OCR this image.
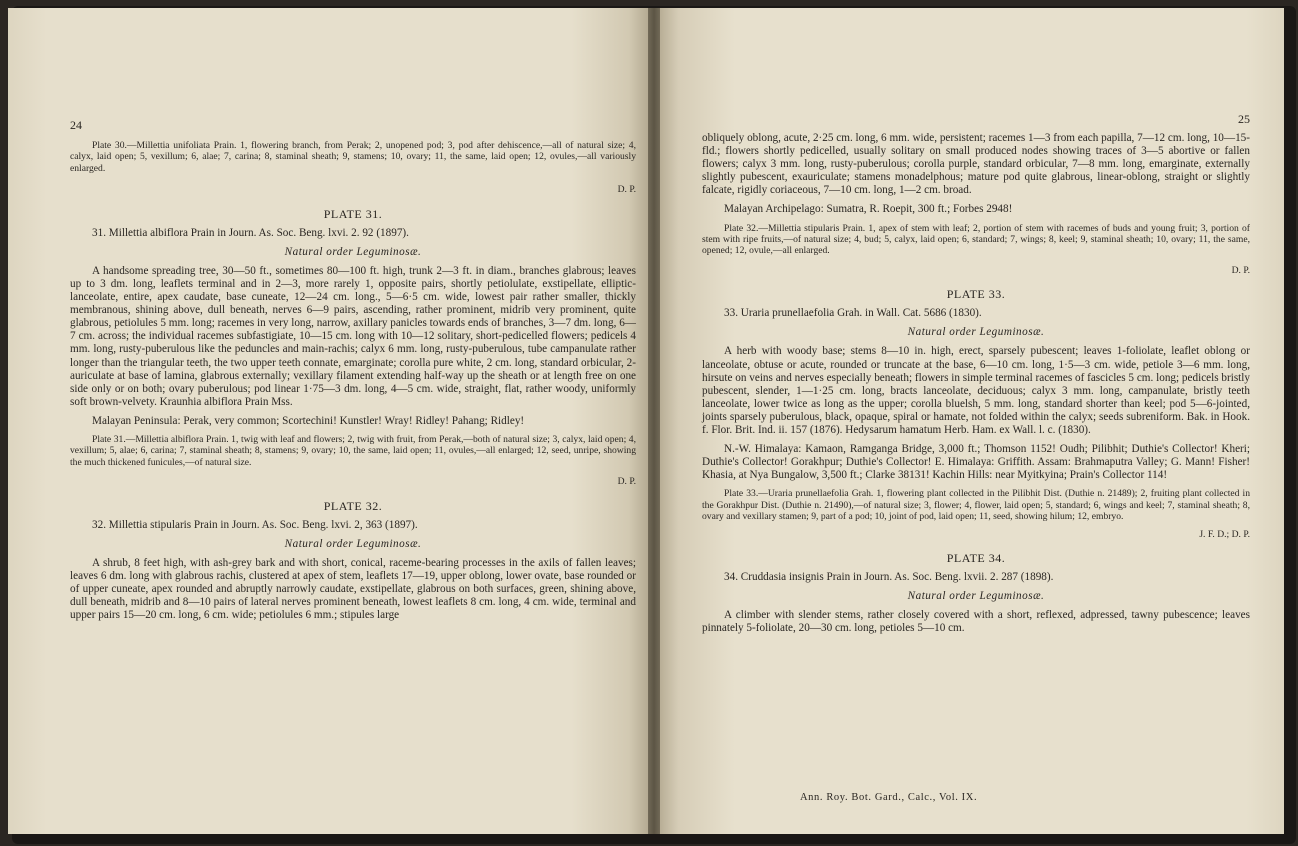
24

Plate 30.—Millettia unifoliata Prain. 1, flowering branch, from Perak; 2, unopened pod; 3, pod after dehiscence,—all of natural size; 4, calyx, laid open; 5, vexillum; 6, alae; 7, carina; 8, staminal sheath; 9, stamens; 10, ovary; 11, the same, laid open; 12, ovules,—all variously enlarged.

D. P.

PLATE 31.

31. Millettia albiflora Prain in Journ. As. Soc. Beng. lxvi. 2. 92 (1897).

Natural order Leguminosæ.

A handsome spreading tree, 30—50 ft., sometimes 80—100 ft. high, trunk 2—3 ft. in diam., branches glabrous; leaves up to 3 dm. long, leaflets terminal and in 2—3, more rarely 1, opposite pairs, shortly petiolulate, exstipellate, elliptic-lanceolate, entire, apex caudate, base cuneate, 12—24 cm. long., 5—6·5 cm. wide, lowest pair rather smaller, thickly membranous, shining above, dull beneath, nerves 6—9 pairs, ascending, rather prominent, midrib very prominent, quite glabrous, petiolules 5 mm. long; racemes in very long, narrow, axillary panicles towards ends of branches, 3—7 dm. long, 6—7 cm. across; the individual racemes subfastigiate, 10—15 cm. long with 10—12 solitary, short-pedicelled flowers; pedicels 4 mm. long, rusty-puberulous like the peduncles and main-rachis; calyx 6 mm. long, rusty-puberulous, tube campanulate rather longer than the triangular teeth, the two upper teeth connate, emarginate; corolla pure white, 2 cm. long, standard orbicular, 2-auriculate at base of lamina, glabrous externally; vexillary filament extending half-way up the sheath or at length free on one side only or on both; ovary puberulous; pod linear 1·75—3 dm. long, 4—5 cm. wide, straight, flat, rather woody, uniformly soft brown-velvety. Kraunhia albiflora Prain Mss.

Malayan Peninsula: Perak, very common; Scortechini! Kunstler! Wray! Ridley! Pahang; Ridley!

Plate 31.—Millettia albiflora Prain. 1, twig with leaf and flowers; 2, twig with fruit, from Perak,—both of natural size; 3, calyx, laid open; 4, vexillum; 5, alae; 6, carina; 7, staminal sheath; 8, stamens; 9, ovary; 10, the same, laid open; 11, ovules,—all enlarged; 12, seed, unripe, showing the much thickened funicules,—of natural size.

D. P.

PLATE 32.

32. Millettia stipularis Prain in Journ. As. Soc. Beng. lxvi. 2, 363 (1897).

Natural order Leguminosæ.

A shrub, 8 feet high, with ash-grey bark and with short, conical, raceme-bearing processes in the axils of fallen leaves; leaves 6 dm. long with glabrous rachis, clustered at apex of stem, leaflets 17—19, upper oblong, lower ovate, base rounded or of upper cuneate, apex rounded and abruptly narrowly caudate, exstipellate, glabrous on both surfaces, green, shining above, dull beneath, midrib and 8—10 pairs of lateral nerves prominent beneath, lowest leaflets 8 cm. long, 4 cm. wide, terminal and upper pairs 15—20 cm. long, 6 cm. wide; petiolules 6 mm.; stipules large

25

obliquely oblong, acute, 2·25 cm. long, 6 mm. wide, persistent; racemes 1—3 from each papilla, 7—12 cm. long, 10—15-fld.; flowers shortly pedicelled, usually solitary on small produced nodes showing traces of 3—5 abortive or fallen flowers; calyx 3 mm. long, rusty-puberulous; corolla purple, standard orbicular, 7—8 mm. long, emarginate, externally slightly pubescent, exauriculate; stamens monadelphous; mature pod quite glabrous, linear-oblong, straight or slightly falcate, rigidly coriaceous, 7—10 cm. long, 1—2 cm. broad.

Malayan Archipelago: Sumatra, R. Roepit, 300 ft.; Forbes 2948!

Plate 32.—Millettia stipularis Prain. 1, apex of stem with leaf; 2, portion of stem with racemes of buds and young fruit; 3, portion of stem with ripe fruits,—of natural size; 4, bud; 5, calyx, laid open; 6, standard; 7, wings; 8, keel; 9, staminal sheath; 10, ovary; 11, the same, opened; 12, ovule,—all enlarged.

D. P.

PLATE 33.

33. Uraria prunellaefolia Grah. in Wall. Cat. 5686 (1830).

Natural order Leguminosæ.

A herb with woody base; stems 8—10 in. high, erect, sparsely pubescent; leaves 1-foliolate, leaflet oblong or lanceolate, obtuse or acute, rounded or truncate at the base, 6—10 cm. long, 1·5—3 cm. wide, petiole 3—6 mm. long, hirsute on veins and nerves especially beneath; flowers in simple terminal racemes of fascicles 5 cm. long; pedicels bristly pubescent, slender, 1—1·25 cm. long, bracts lanceolate, deciduous; calyx 3 mm. long, campanulate, bristly teeth lanceolate, lower twice as long as the upper; corolla bluelsh, 5 mm. long, standard shorter than keel; pod 5—6-jointed, joints sparsely puberulous, black, opaque, spiral or hamate, not folded within the calyx; seeds subreniform. Bak. in Hook. f. Flor. Brit. Ind. ii. 157 (1876). Hedysarum hamatum Herb. Ham. ex Wall. l. c. (1830).

N.-W. Himalaya: Kamaon, Ramganga Bridge, 3,000 ft.; Thomson 1152! Oudh; Pilibhit; Duthie's Collector! Kheri; Duthie's Collector! Gorakhpur; Duthie's Collector! E. Himalaya: Griffith. Assam: Brahmaputra Valley; G. Mann! Fisher! Khasia, at Nya Bungalow, 3,500 ft.; Clarke 38131! Kachin Hills: near Myitkyina; Prain's Collector 114!

Plate 33.—Uraria prunellaefolia Grah. 1, flowering plant collected in the Pilibhit Dist. (Duthie n. 21489); 2, fruiting plant collected in the Gorakhpur Dist. (Duthie n. 21490),—of natural size; 3, flower; 4, flower, laid open; 5, standard; 6, wings and keel; 7, staminal sheath; 8, ovary and vexillary stamen; 9, part of a pod; 10, joint of pod, laid open; 11, seed, showing hilum; 12, embryo.

J. F. D.; D. P.

PLATE 34.

34. Cruddasia insignis Prain in Journ. As. Soc. Beng. lxvii. 2. 287 (1898).

Natural order Leguminosæ.

A climber with slender stems, rather closely covered with a short, reflexed, adpressed, tawny pubescence; leaves pinnately 5-foliolate, 20—30 cm. long, petioles 5—10 cm.

Ann. Roy. Bot. Gard., Calc., Vol. IX.
